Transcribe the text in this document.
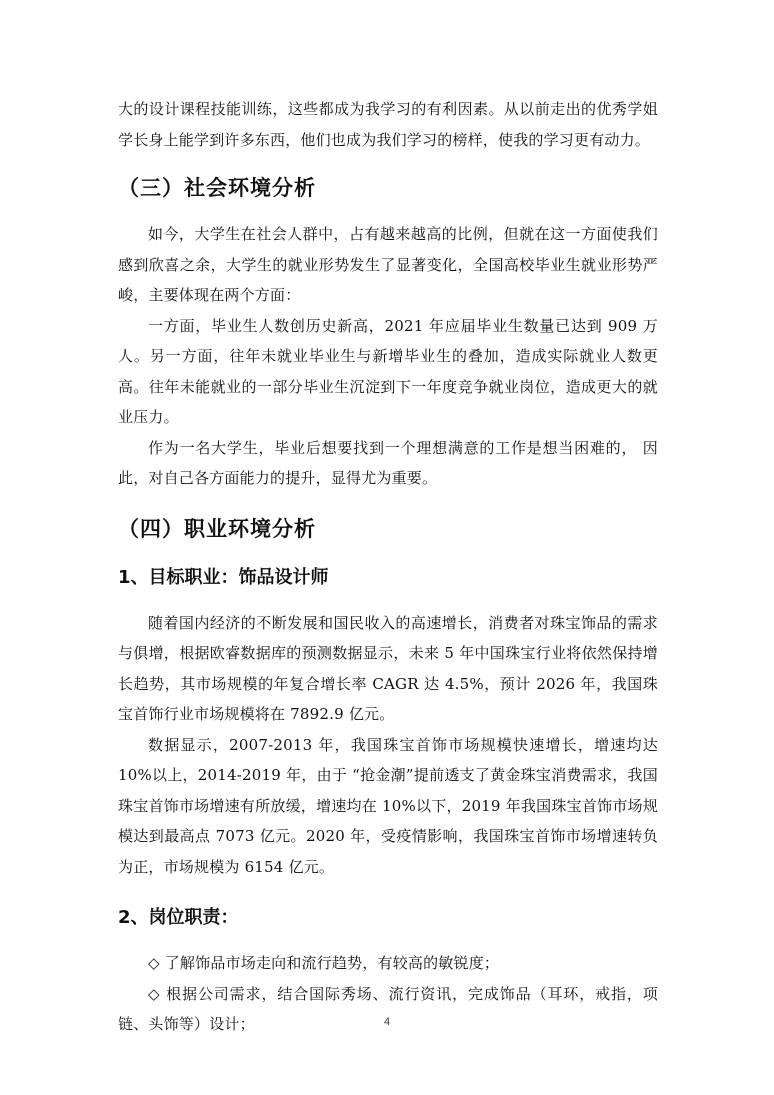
大的设计课程技能训练，这些都成为我学习的有利因素。从以前走出的优秀学姐学长身上能学到许多东西，他们也成为我们学习的榜样，使我的学习更有动力。

（三）社会环境分析

如今，大学生在社会人群中，占有越来越高的比例，但就在这一方面使我们感到欣喜之余，大学生的就业形势发生了显著变化，全国高校毕业生就业形势严峻，主要体现在两个方面：

一方面，毕业生人数创历史新高，2021 年应届毕业生数量已达到 909 万人。另一方面，往年未就业毕业生与新增毕业生的叠加，造成实际就业人数更高。往年未能就业的一部分毕业生沉淀到下一年度竞争就业岗位，造成更大的就业压力。

作为一名大学生，毕业后想要找到一个理想满意的工作是想当困难的， 因此，对自己各方面能力的提升，显得尤为重要。

（四）职业环境分析
1、目标职业：饰品设计师

随着国内经济的不断发展和国民收入的高速增长，消费者对珠宝饰品的需求与俱增，根据欧睿数据库的预测数据显示，未来 5 年中国珠宝行业将依然保持增长趋势，其市场规模的年复合增长率 CAGR 达 4.5%，预计 2026 年，我国珠宝首饰行业市场规模将在 7892.9 亿元。

数据显示，2007-2013 年，我国珠宝首饰市场规模快速增长，增速均达 10%以上，2014-2019 年，由于 “抢金潮”提前透支了黄金珠宝消费需求，我国珠宝首饰市场增速有所放缓，增速均在 10%以下，2019 年我国珠宝首饰市场规模达到最高点 7073 亿元。2020 年，受疫情影响，我国珠宝首饰市场增速转负为正，市场规模为 6154 亿元。

2、岗位职责：

◇ 了解饰品市场走向和流行趋势，有较高的敏锐度；

◇ 根据公司需求，结合国际秀场、流行资讯，完成饰品（耳环，戒指，项链、头饰等）设计；	4
